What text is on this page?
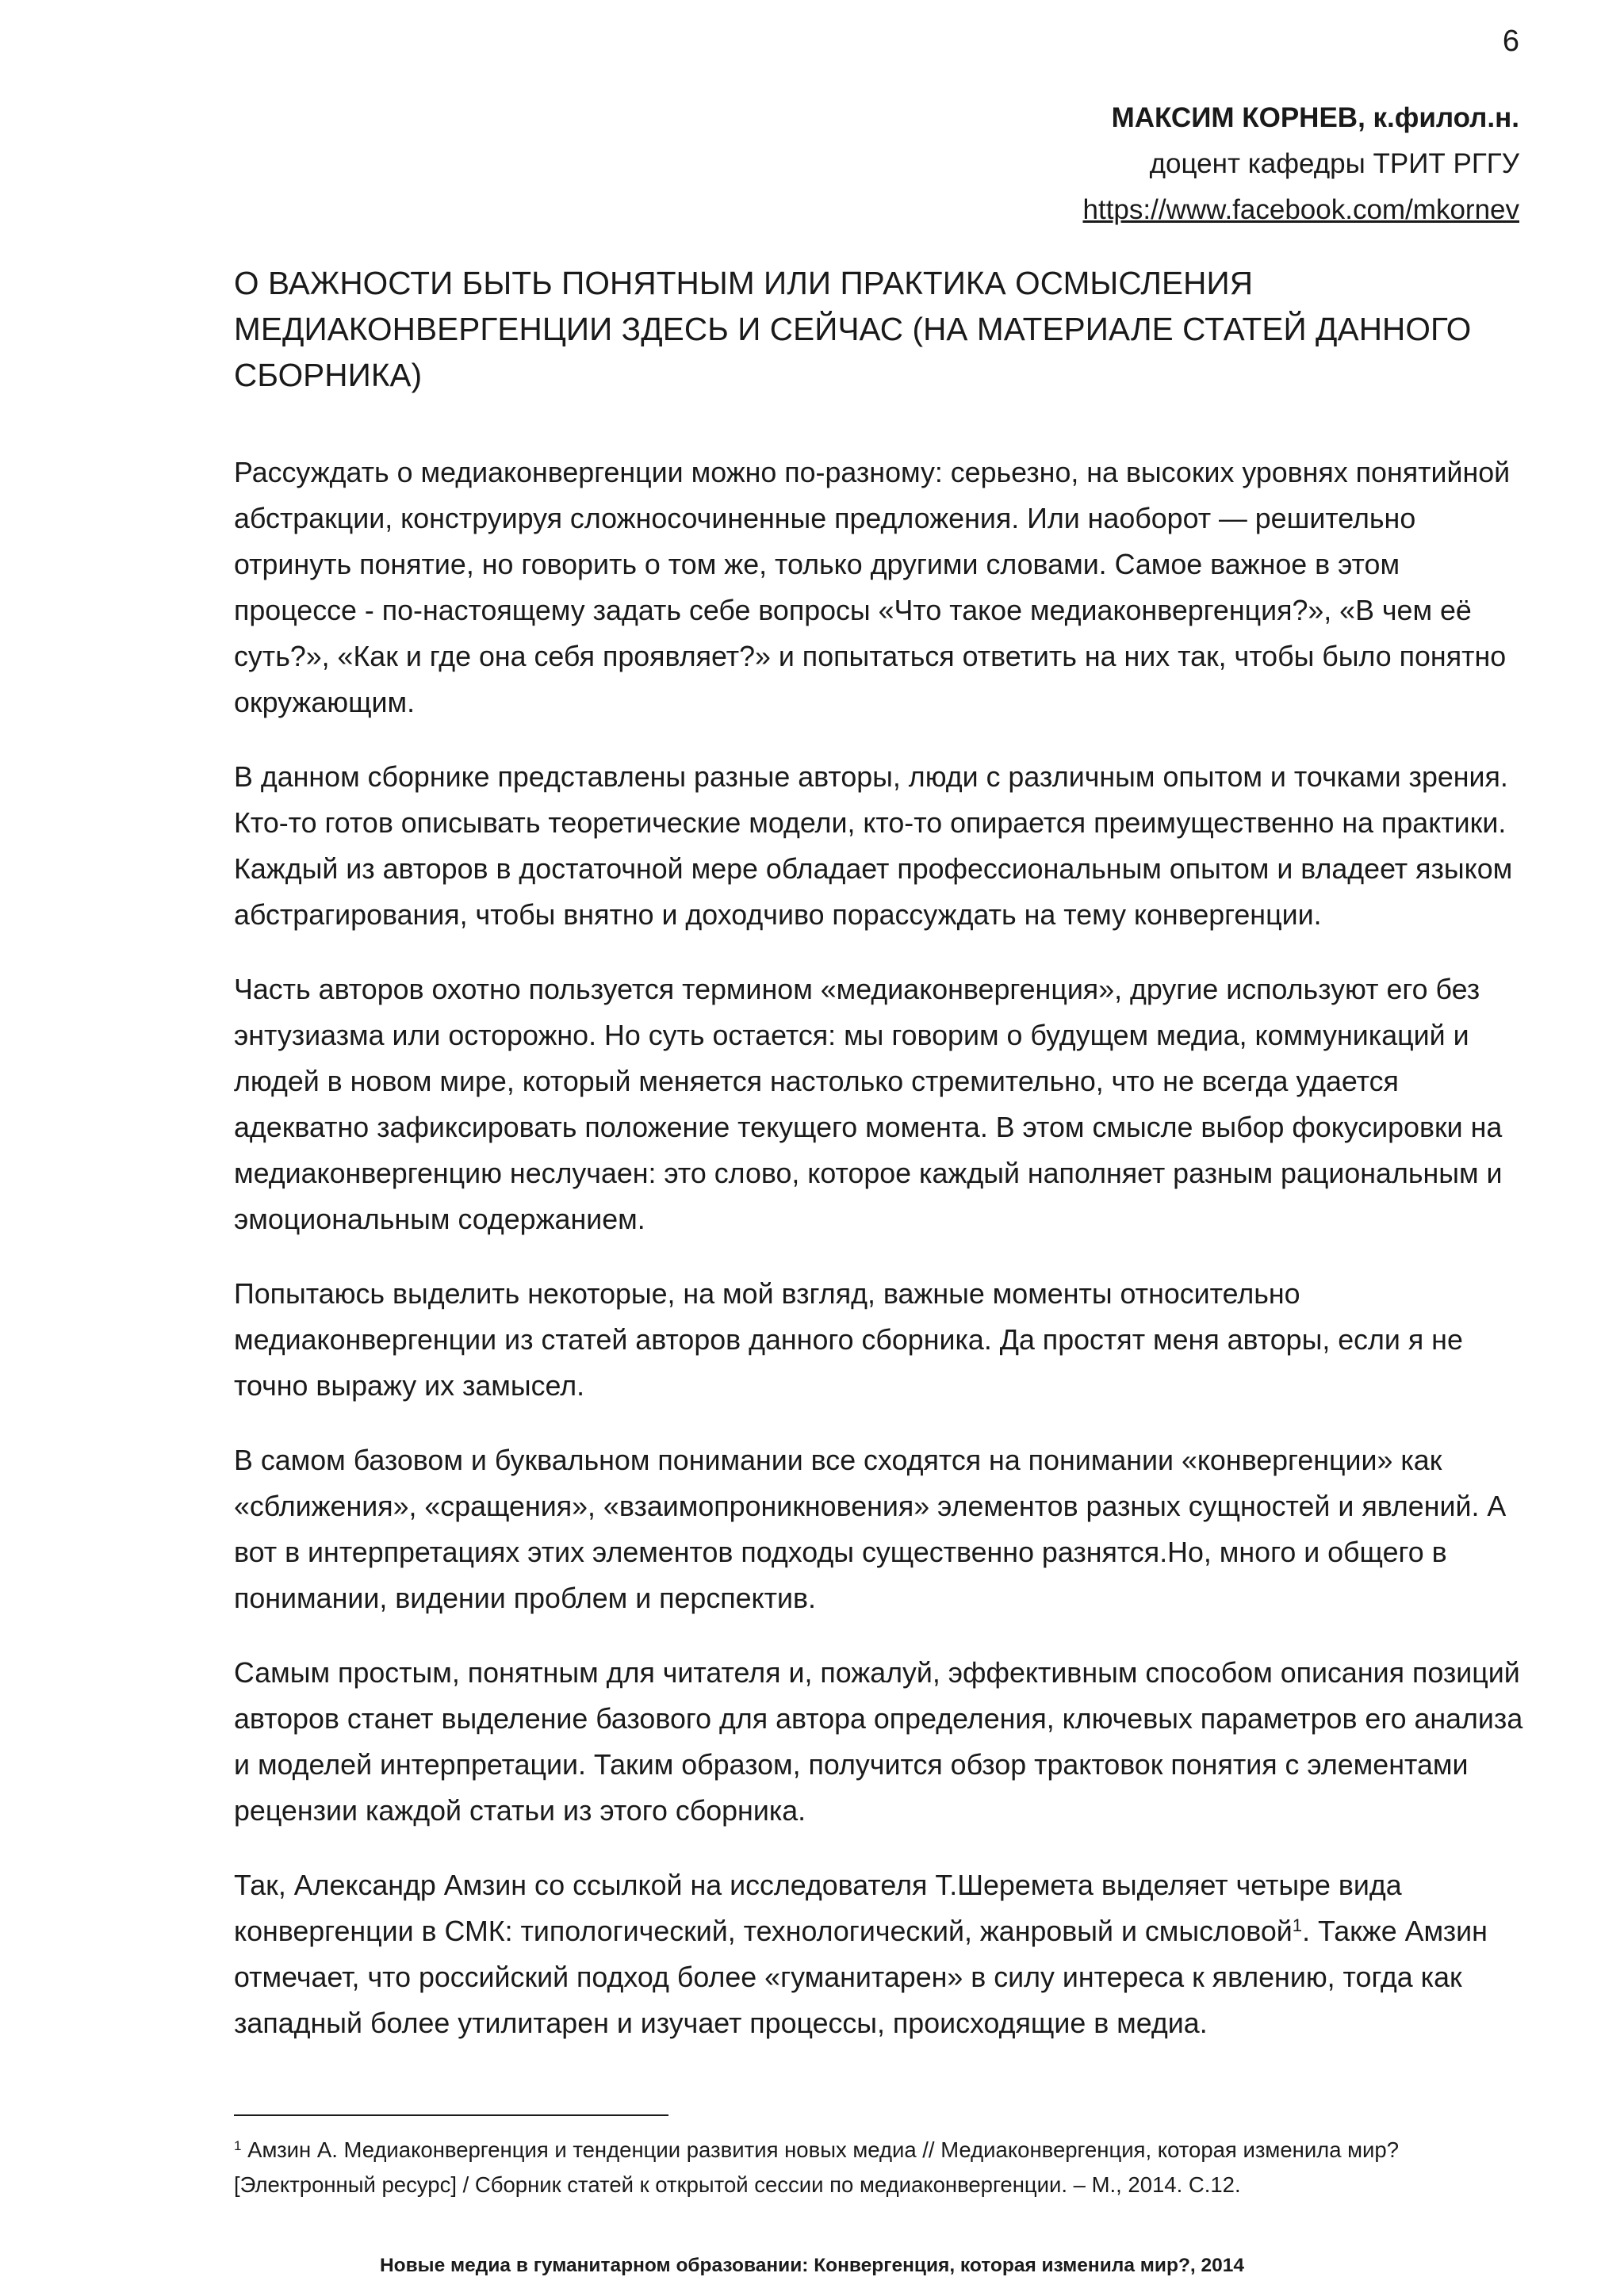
6
МАКСИМ КОРНЕВ, к.филол.н.
доцент кафедры ТРИТ РГГУ
https://www.facebook.com/mkornev
О ВАЖНОСТИ БЫТЬ ПОНЯТНЫМ ИЛИ ПРАКТИКА ОСМЫСЛЕНИЯ МЕДИАКОНВЕРГЕНЦИИ ЗДЕСЬ И СЕЙЧАС (НА МАТЕРИАЛЕ СТАТЕЙ ДАННОГО СБОРНИКА)

Рассуждать о медиаконвергенции можно по-разному: серьезно, на высоких уровнях понятийной абстракции, конструируя сложносочиненные предложения. Или наоборот — решительно отринуть понятие, но говорить о том же, только другими словами. Самое важное в этом процессе - по-настоящему задать себе вопросы «Что такое медиаконвергенция?», «В чем её суть?», «Как и где она себя проявляет?» и попытаться ответить на них так, чтобы было понятно окружающим.

В данном сборнике представлены разные авторы, люди с различным опытом и точками зрения. Кто-то готов описывать теоретические модели, кто-то опирается преимущественно на практики. Каждый из авторов в достаточной мере обладает профессиональным опытом и владеет языком абстрагирования, чтобы внятно и доходчиво порассуждать на тему конвергенции.

Часть авторов охотно пользуется термином «медиаконвергенция», другие используют его без энтузиазма или осторожно. Но суть остается: мы говорим о будущем медиа, коммуникаций и людей в новом мире, который меняется настолько стремительно, что не всегда удается адекватно зафиксировать положение текущего момента. В этом смысле выбор фокусировки на медиаконвергенцию неслучаен: это слово, которое каждый наполняет разным рациональным и эмоциональным содержанием.

Попытаюсь выделить некоторые, на мой взгляд, важные моменты относительно медиаконвергенции из статей авторов данного сборника. Да простят меня авторы, если я не точно выражу их замысел.

В самом базовом и буквальном понимании все сходятся на понимании «конвергенции» как «сближения», «сращения», «взаимопроникновения» элементов разных сущностей и явлений. А вот в интерпретациях этих элементов подходы существенно разнятся.Но, много и общего в понимании, видении проблем и перспектив.

Самым простым, понятным для читателя и, пожалуй, эффективным способом описания позиций авторов станет выделение базового для автора определения, ключевых параметров его анализа и моделей интерпретации. Таким образом, получится обзор трактовок понятия с элементами рецензии каждой статьи из этого сборника.

Так, Александр Амзин со ссылкой на исследователя Т.Шеремета выделяет четыре вида конвергенции в СМК: типологический, технологический, жанровый и смысловой$^1$. Также Амзин отмечает, что российский подход более «гуманитарен» в силу интереса к явлению, тогда как западный более утилитарен и изучает процессы, происходящие в медиа.

$^1$ Амзин А. Медиаконвергенция и тенденции развития новых медиа // Медиаконвергенция, которая изменила мир? [Электронный ресурс] / Сборник статей к открытой сессии по медиаконвергенции. – М., 2014. С.12.

Новые медиа в гуманитарном образовании: Конвергенция, которая изменила мир?, 2014
